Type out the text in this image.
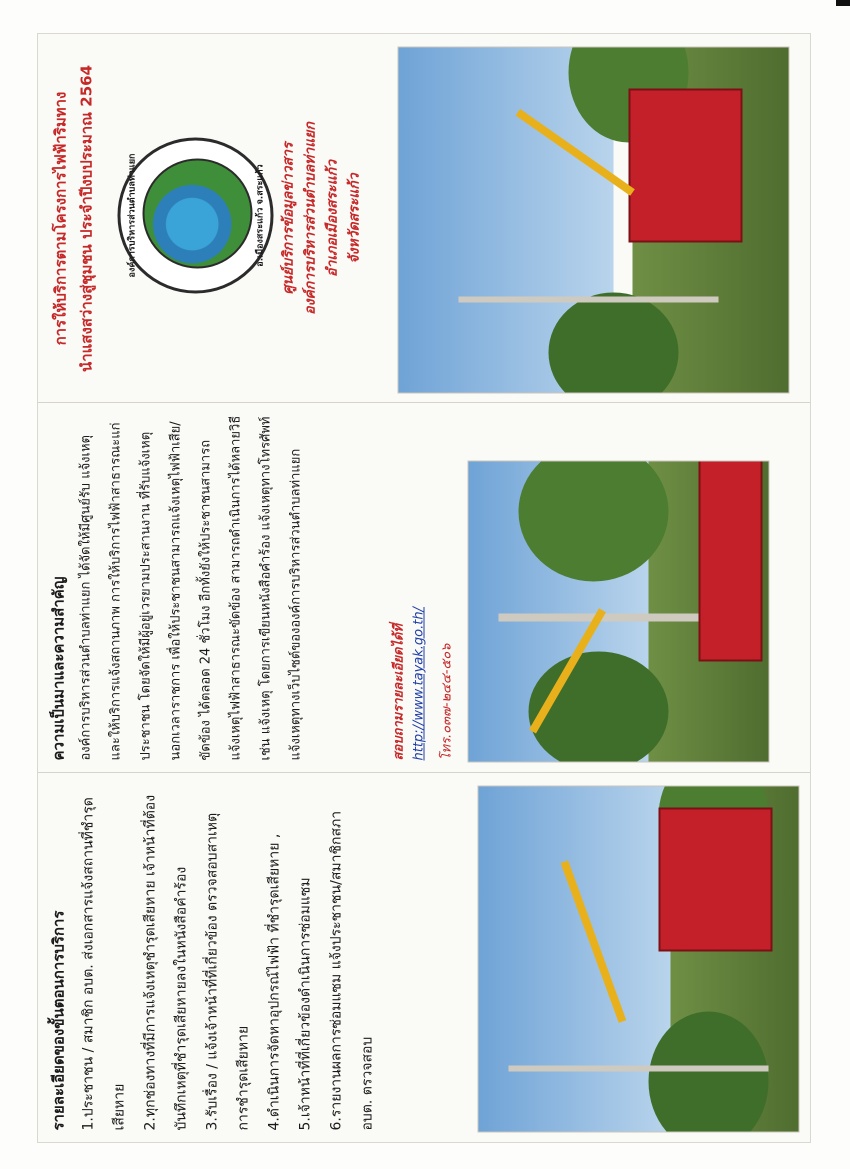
การให้บริการตามโครงการไฟฟ้าริมทาง นำแสงสว่างสู่ชุมชน ประจำปีงบประมาณ 2564	องค์การบริหารส่วนตำบลท่าแยก	อ.เมืองสระแก้ว จ.สระแก้ว ศูนย์บริการข้อมูลข่าวสาร องค์การบริหารส่วนตำบลท่าแยก อำเภอเมืองสระแก้ว จังหวัดสระแก้ว
ความเป็นมาและความสำคัญ องค์การบริหารส่วนตำบลท่าแยก ได้จัดให้มีศูนย์รับ แจ้งเหตุและให้บริการแจ้งสถานภาพ การให้บริการไฟฟ้าสาธารณะแก่ประชาชน โดยจัดให้มีผู้อยู่เวรยามประสานงาน ที่รับแจ้งเหตุ นอกเวลาราชการ เพื่อให้ประชาชนสามารถแจ้งเหตุไฟฟ้าเสีย/ขัดข้อง ได้ตลอด 24 ชั่วโมง อีกทั้งยังให้ประชาชนสามารถ แจ้งเหตุไฟฟ้าสาธารณะขัดข้อง สามารถดำเนินการได้หลายวิธี เช่น แจ้งเหตุ โดยการเขียนหนังสือคำร้อง แจ้งเหตุทางโทรศัพท์ แจ้งเหตุทางเว็บไซต์ขององค์การบริหารส่วนตำบลท่าแยก	สอบถามรายละเอียดได้ที่ http://www.tayak.go.th/	โทร.๐๓๗-๒๔๔-๕๐๖
รายละเอียดของขั้นตอนการบริการ 1.ประชาชน / สมาชิก อบต. ส่งเอกสารแจ้งสถานที่ชำรุดเสียหาย	2.ทุกช่องทางที่มีการแจ้งเหตุชำรุดเสียหาย เจ้าหน้าที่ต้องบันทึกเหตุที่ชำรุดเสียหายลงในหนังสือคำร้อง	3.รับเรื่อง / แจ้งเจ้าหน้าที่ที่เกี่ยวข้อง ตรวจสอบสาเหตุ การชำรุดเสียหาย	4.ดำเนินการจัดหาอุปกรณ์ไฟฟ้า ที่ชำรุดเสียหาย ,	5.เจ้าหน้าที่ที่เกี่ยวข้องดำเนินการซ่อมแซม	6.รายงานผลการซ่อมแซม แจ้งประชาชน/สมาชิกสภา อบต. ตรวจสอบ
